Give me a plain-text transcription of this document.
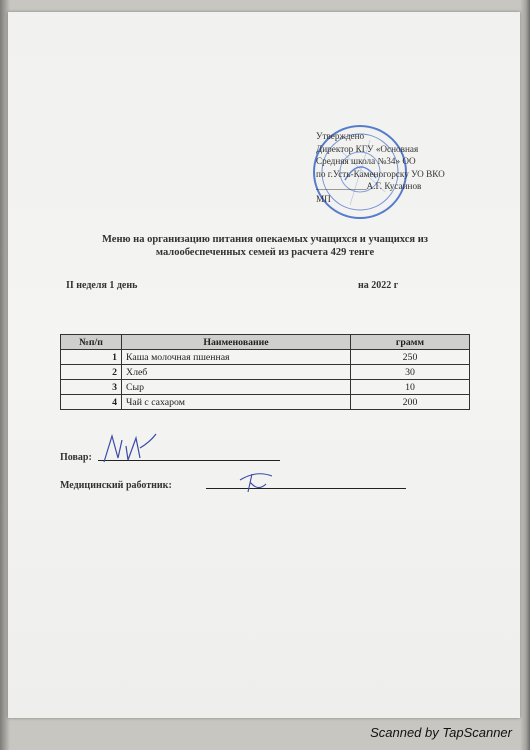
Утверждено
Директор КГУ «Основная
Средняя школа №34» ОО
по г.Усть-Каменогорску УО ВКО
___________А.Г. Кусаинов
МП
Меню на организацию питания опекаемых учащихся и учащихся из малообеспеченных семей из расчета 429 тенге
II неделя 1 день	на 2022 г
№п/п	Наименование	грамм
1	Каша молочная пшенная	250
2	Хлеб	30
3	Сыр	10
4	Чай с сахаром	200
Повар:
Медицинский работник:
Scanned by TapScanner
